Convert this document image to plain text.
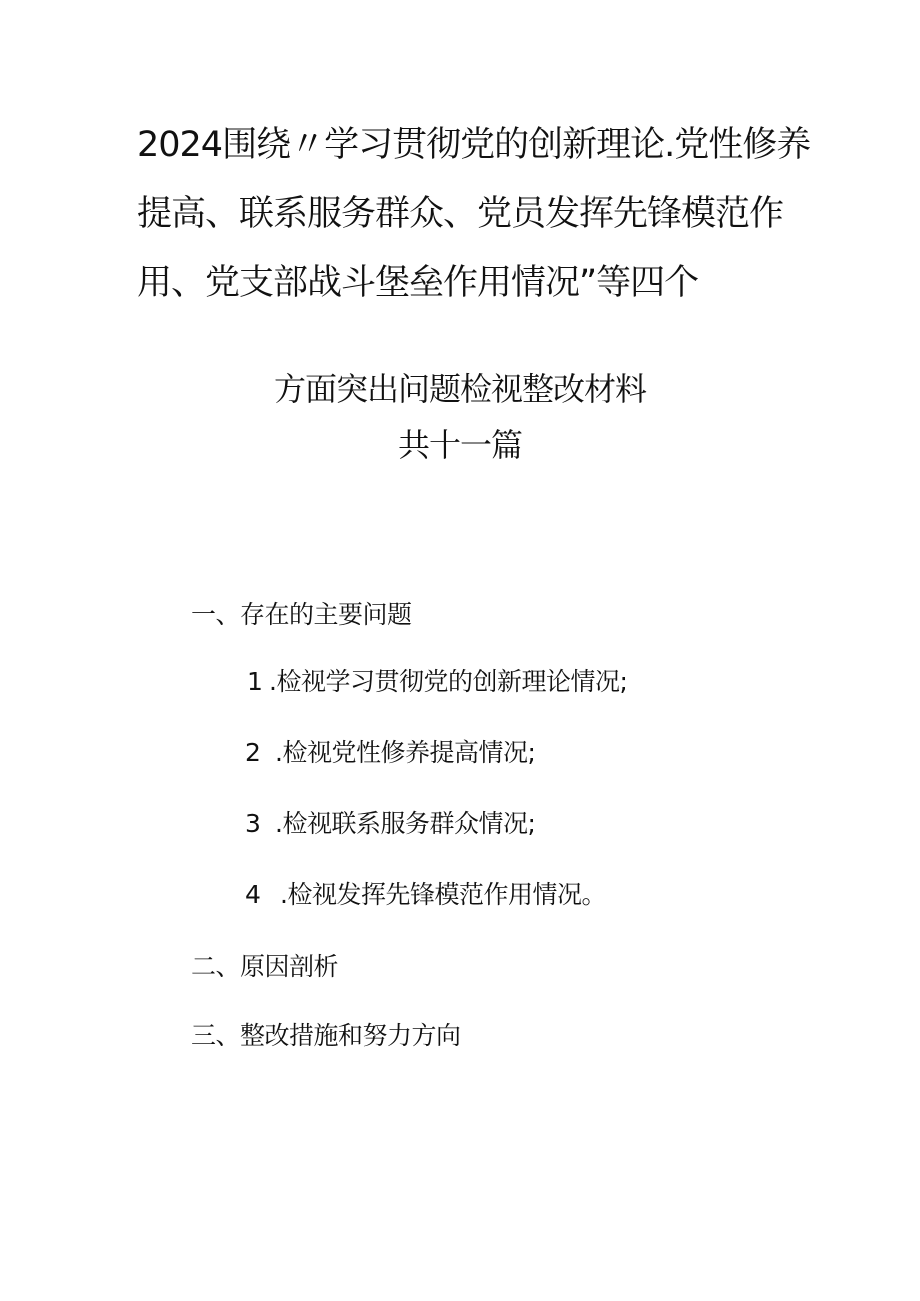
2024围绕〃学习贯彻党的创新理论.党性修养
提高、联系服务群众、党员发挥先锋模范作
用、党支部战斗堡垒作用情况”等四个
方面突出问题检视整改材料
共十一篇
一、存在的主要问题
1 .检视学习贯彻党的创新理论情况;
2 .检视党性修养提高情况;
3 .检视联系服务群众情况;
4 .检视发挥先锋模范作用情况。
二、原因剖析
三、整改措施和努力方向
